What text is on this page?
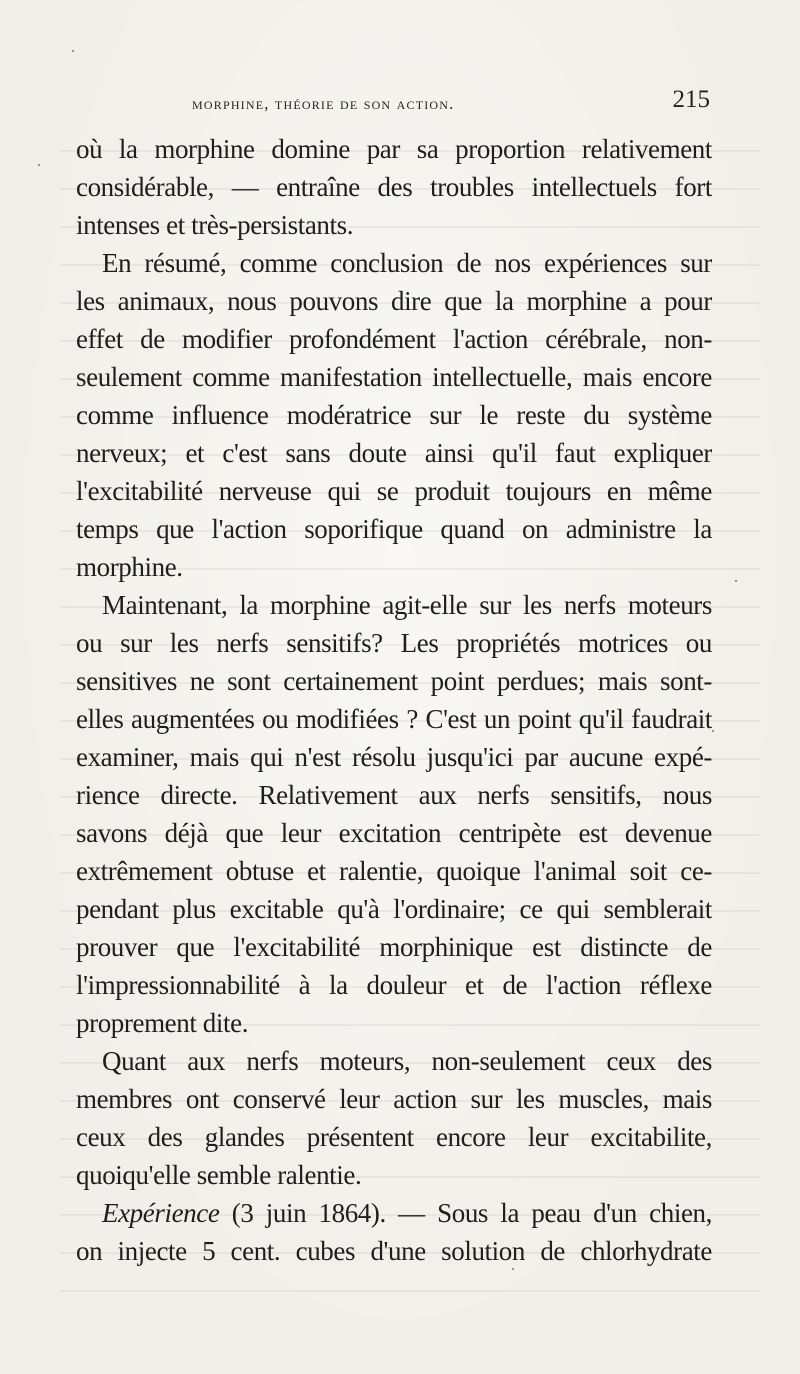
morphine, théorie de son action.	215
où la morphine domine par sa proportion relativement
considérable, — entraîne des troubles intellectuels fort
intenses et très-persistants.
En résumé, comme conclusion de nos expériences sur
les animaux, nous pouvons dire que la morphine a pour
effet de modifier profondément l'action cérébrale, non-
seulement comme manifestation intellectuelle, mais encore
comme influence modératrice sur le reste du système
nerveux; et c'est sans doute ainsi qu'il faut expliquer
l'excitabilité nerveuse qui se produit toujours en même
temps que l'action soporifique quand on administre la
morphine.
Maintenant, la morphine agit-elle sur les nerfs moteurs
ou sur les nerfs sensitifs? Les propriétés motrices ou
sensitives ne sont certainement point perdues; mais sont-
elles augmentées ou modifiées ? C'est un point qu'il faudrait
examiner, mais qui n'est résolu jusqu'ici par aucune expé-
rience directe. Relativement aux nerfs sensitifs, nous
savons déjà que leur excitation centripète est devenue
extrêmement obtuse et ralentie, quoique l'animal soit ce-
pendant plus excitable qu'à l'ordinaire; ce qui semblerait
prouver que l'excitabilité morphinique est distincte de
l'impressionnabilité à la douleur et de l'action réflexe
proprement dite.
Quant aux nerfs moteurs, non-seulement ceux des
membres ont conservé leur action sur les muscles, mais
ceux des glandes présentent encore leur excitabilite,
quoiqu'elle semble ralentie.
Expérience (3 juin 1864). — Sous la peau d'un chien,
on injecte 5 cent. cubes d'une solution de chlorhydrate
